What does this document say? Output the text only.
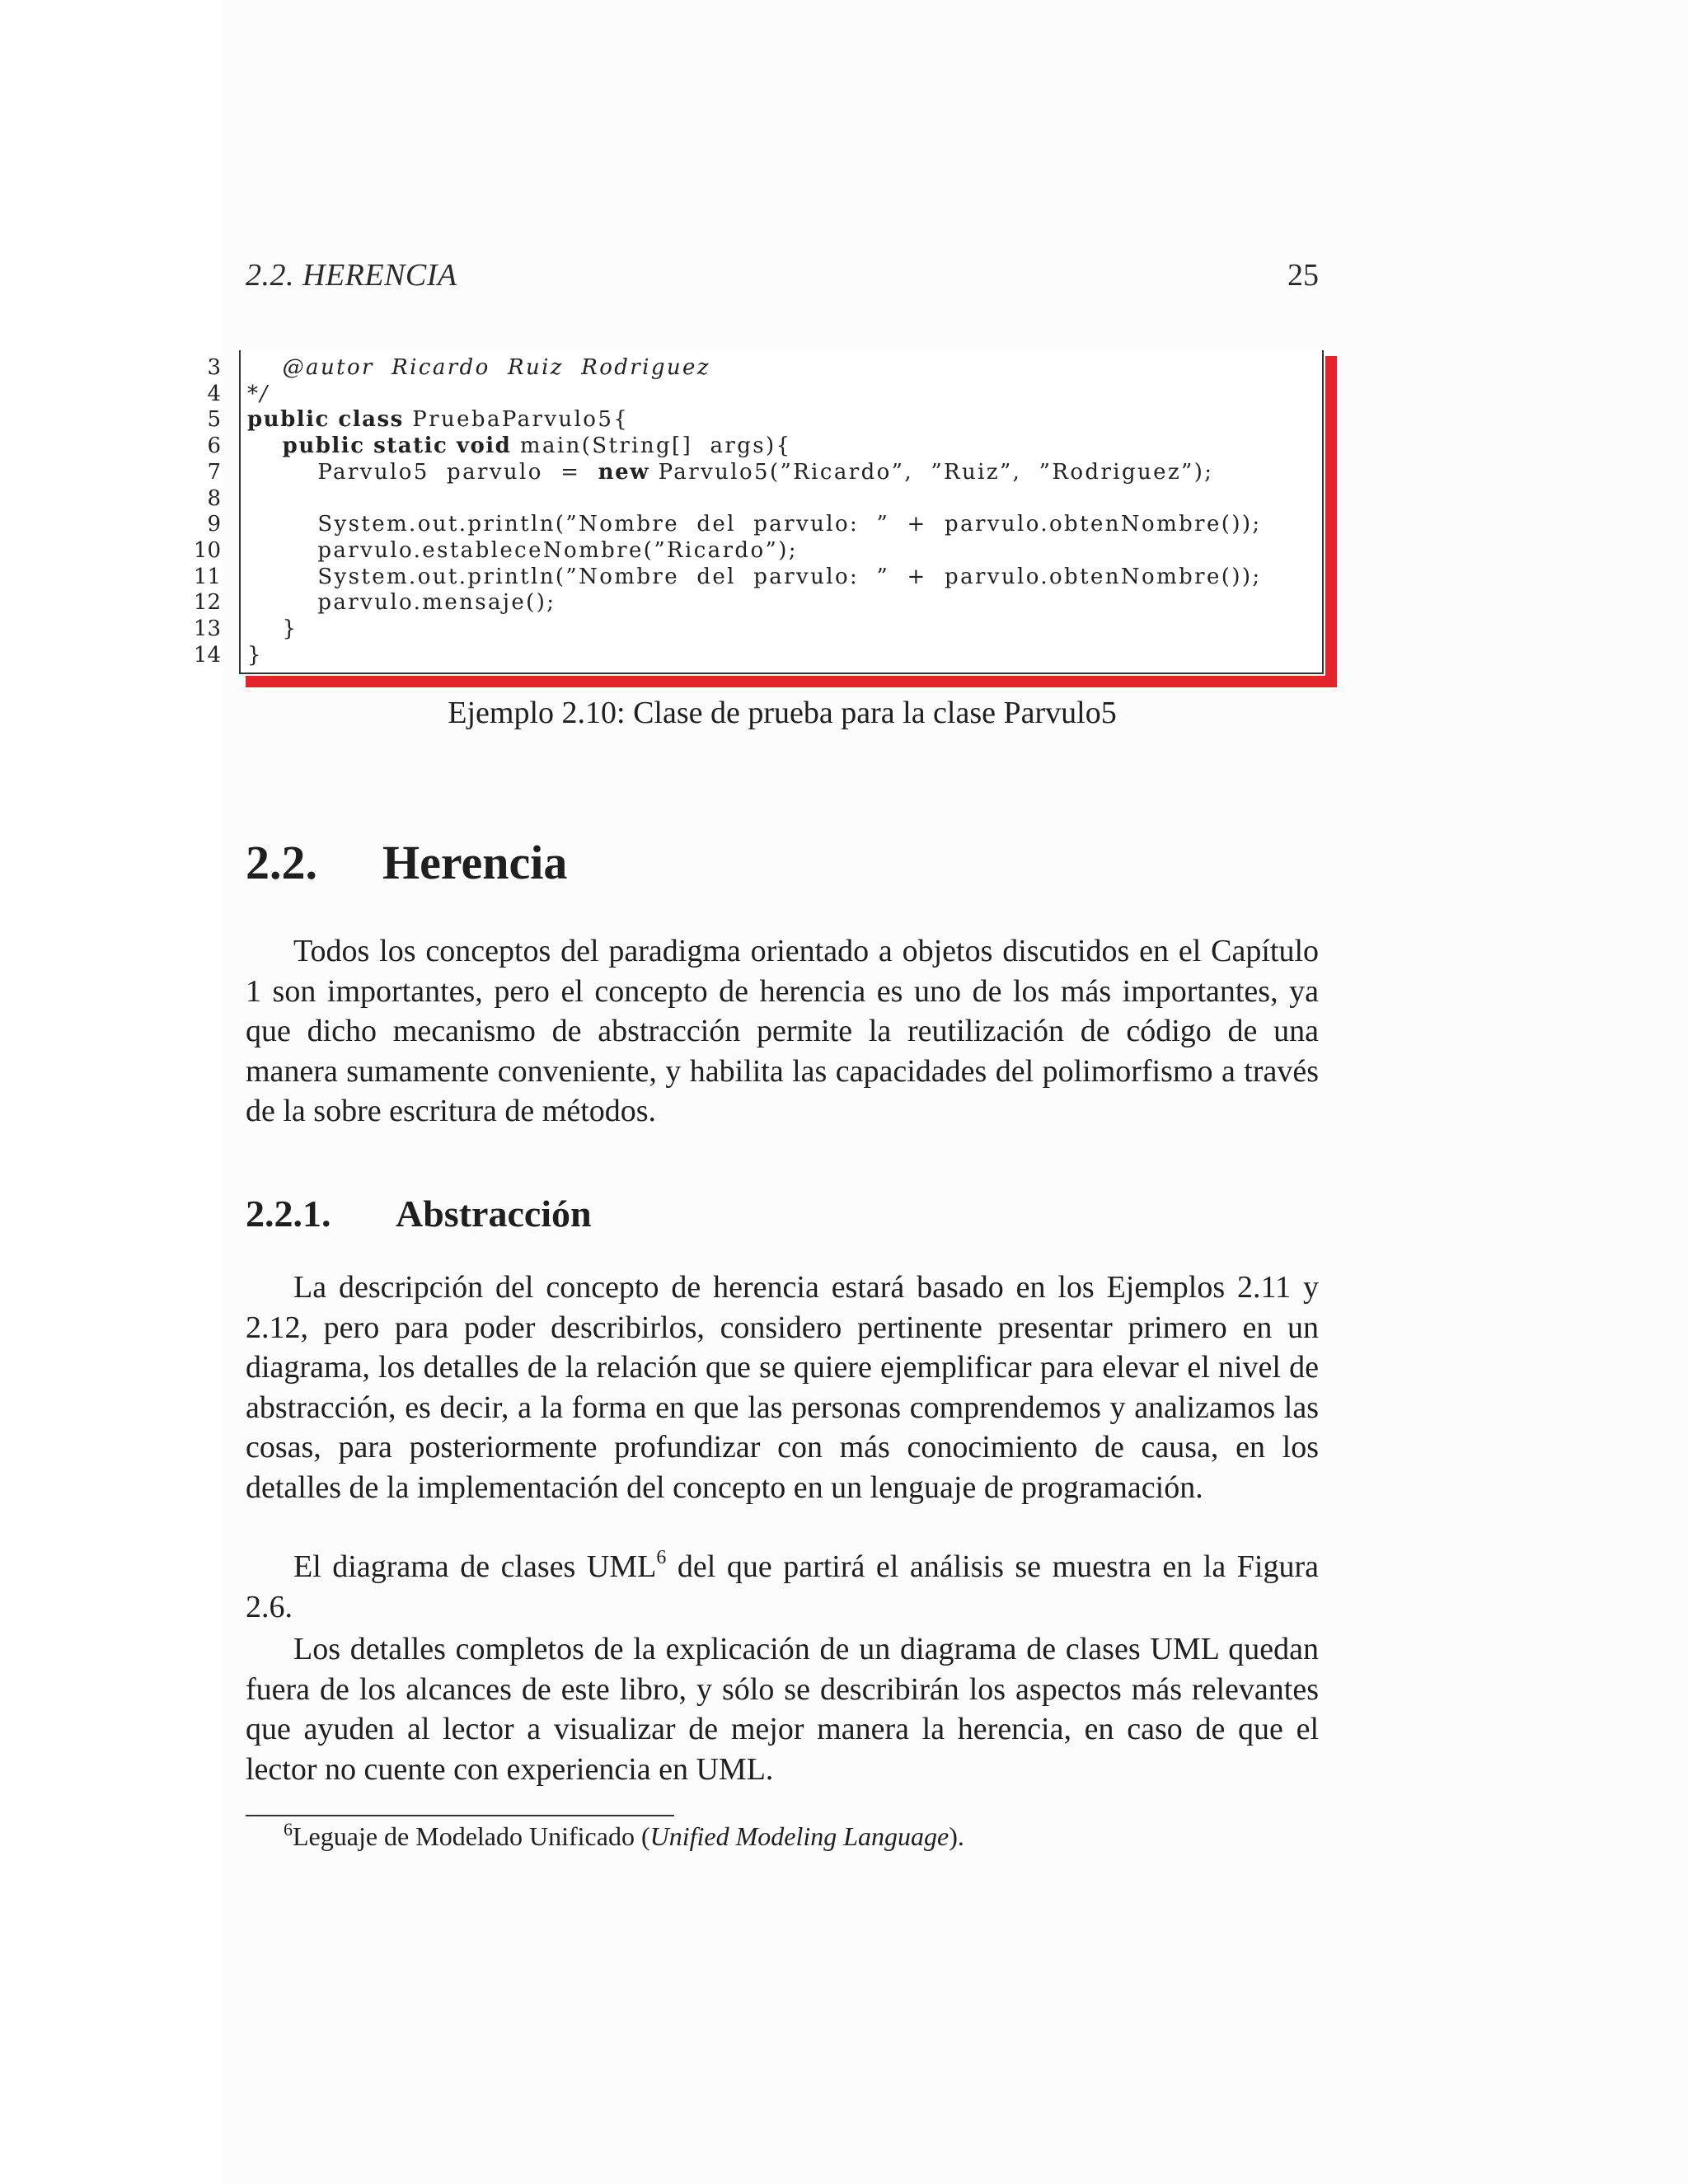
2.2. HERENCIA	25
3 @autor  Ricardo  Ruiz  Rodriguez
4 */
5 public class PruebaParvulo5{
6	public static void main(String[]  args){
7 Parvulo5  parvulo  =  new Parvulo5(”Ricardo”,  ”Ruiz”,  ”Rodriguez”);
8
9 System.out.println(”Nombre  del  parvulo:  ”  +  parvulo.obtenNombre());
10 parvulo.estableceNombre(”Ricardo”);
11 System.out.println(”Nombre  del  parvulo:  ”  +  parvulo.obtenNombre());
12 parvulo.mensaje();
13 }
14 }
Ejemplo 2.10: Clase de prueba para la clase Parvulo5
2.2. Herencia

Todos los conceptos del paradigma orientado a objetos discutidos en el Capítulo 1 son importantes, pero el concepto de herencia es uno de los más importantes, ya que dicho mecanismo de abstracción permite la reutilización de código de una manera sumamente conveniente, y habilita las capacidades del polimorfismo a través de la sobre escritura de métodos.

2.2.1. Abstracción

La descripción del concepto de herencia estará basado en los Ejemplos 2.11 y 2.12, pero para poder describirlos, considero pertinente presentar primero en un diagrama, los detalles de la relación que se quiere ejemplificar para elevar el nivel de abstracción, es decir, a la forma en que las personas comprendemos y analizamos las cosas, para posteriormente profundizar con más conocimiento de causa, en los detalles de la implementación del concepto en un lenguaje de programación.

El diagrama de clases UML$^6$ del que partirá el análisis se muestra en la Figura 2.6.

Los detalles completos de la explicación de un diagrama de clases UML quedan fuera de los alcances de este libro, y sólo se describirán los aspectos más relevantes que ayuden al lector a visualizar de mejor manera la herencia, en caso de que el lector no cuente con experiencia en UML.

$^6$Leguaje de Modelado Unificado (Unified Modeling Language).
